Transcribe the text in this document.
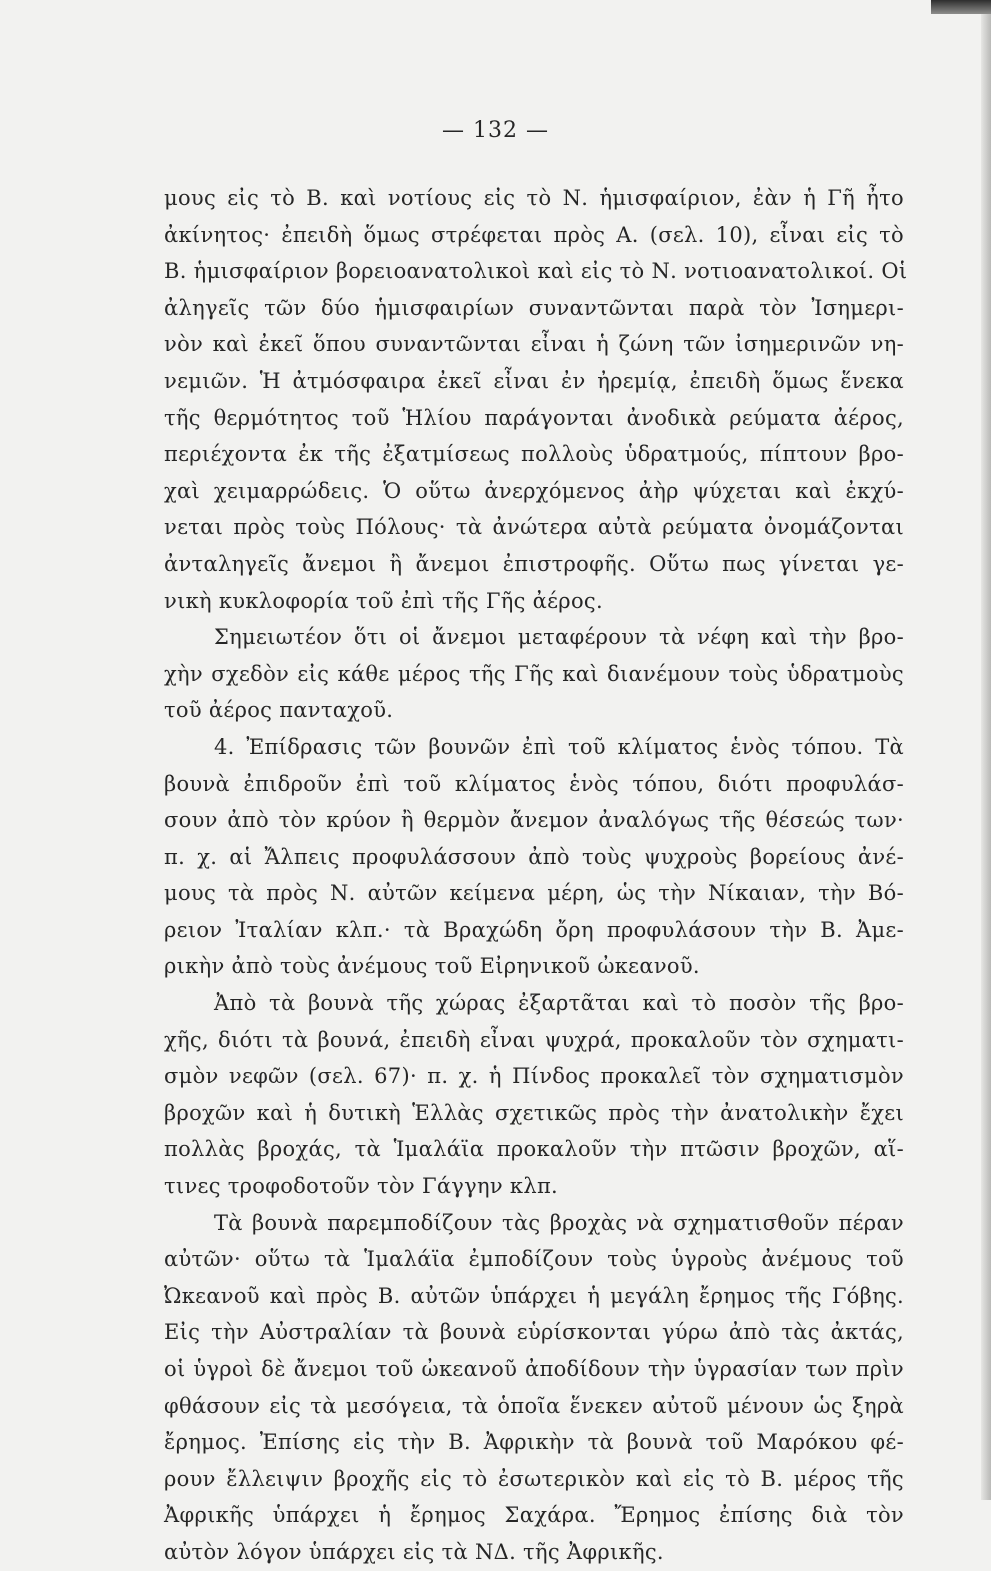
— 132 —
μους εἰς τὸ Β. καὶ νοτίους εἰς τὸ Ν. ἡμισφαίριον, ἐὰν ἡ Γῆ ἦτο
ἀκίνητος· ἐπειδὴ ὅμως στρέφεται πρὸς Α. (σελ. 10), εἶναι εἰς τὸ
Β. ἡμισφαίριον βορειοανατολικοὶ καὶ εἰς τὸ Ν. νοτιοανατολικοί. Οἱ
ἀληγεῖς τῶν δύο ἡμισφαιρίων συναντῶνται παρὰ τὸν Ἰσημερι-
νὸν καὶ ἐκεῖ ὅπου συναντῶνται εἶναι ἡ ζώνη τῶν ἰσημερινῶν νη-
νεμιῶν. Ἡ ἀτμόσφαιρα ἐκεῖ εἶναι ἐν ἠρεμίᾳ, ἐπειδὴ ὅμως ἕνεκα
τῆς θερμότητος τοῦ Ἡλίου παράγονται ἀνοδικὰ ρεύματα ἀέρος,
περιέχοντα ἐκ τῆς ἐξατμίσεως πολλοὺς ὑδρατμούς, πίπτουν βρο-
χαὶ χειμαρρώδεις. Ὁ οὕτω ἀνερχόμενος ἀὴρ ψύχεται καὶ ἐκχύ-
νεται πρὸς τοὺς Πόλους· τὰ ἀνώτερα αὐτὰ ρεύματα ὀνομάζονται
ἀνταληγεῖς ἄνεμοι ἢ ἄνεμοι ἐπιστροφῆς. Οὕτω πως γίνεται γε-
νικὴ κυκλοφορία τοῦ ἐπὶ τῆς Γῆς ἀέρος.
Σημειωτέον ὅτι οἱ ἄνεμοι μεταφέρουν τὰ νέφη καὶ τὴν βρο-
χὴν σχεδὸν εἰς κάθε μέρος τῆς Γῆς καὶ διανέμουν τοὺς ὑδρατμοὺς
τοῦ ἀέρος πανταχοῦ.
4. Ἐπίδρασις τῶν βουνῶν ἐπὶ τοῦ κλίματος ἑνὸς τόπου. Τὰ
βουνὰ ἐπιδροῦν ἐπὶ τοῦ κλίματος ἑνὸς τόπου, διότι προφυλάσ-
σουν ἀπὸ τὸν κρύον ἢ θερμὸν ἄνεμον ἀναλόγως τῆς θέσεώς των·
π. χ. αἱ Ἄλπεις προφυλάσσουν ἀπὸ τοὺς ψυχροὺς βορείους ἀνέ-
μους τὰ πρὸς Ν. αὐτῶν κείμενα μέρη, ὡς τὴν Νίκαιαν, τὴν Βό-
ρειον Ἰταλίαν κλπ.· τὰ Βραχώδη ὄρη προφυλάσουν τὴν Β. Ἀμε-
ρικὴν ἀπὸ τοὺς ἀνέμους τοῦ Εἰρηνικοῦ ὠκεανοῦ.
Ἀπὸ τὰ βουνὰ τῆς χώρας ἐξαρτᾶται καὶ τὸ ποσὸν τῆς βρο-
χῆς, διότι τὰ βουνά, ἐπειδὴ εἶναι ψυχρά, προκαλοῦν τὸν σχηματι-
σμὸν νεφῶν (σελ. 67)· π. χ. ἡ Πίνδος προκαλεῖ τὸν σχηματισμὸν
βροχῶν καὶ ἡ δυτικὴ Ἑλλὰς σχετικῶς πρὸς τὴν ἀνατολικὴν ἔχει
πολλὰς βροχάς, τὰ Ἱμαλάϊα προκαλοῦν τὴν πτῶσιν βροχῶν, αἵ-
τινες τροφοδοτοῦν τὸν Γάγγην κλπ.
Τὰ βουνὰ παρεμποδίζουν τὰς βροχὰς νὰ σχηματισθοῦν πέραν
αὐτῶν· οὕτω τὰ Ἱμαλάϊα ἐμποδίζουν τοὺς ὑγροὺς ἀνέμους τοῦ
Ὠκεανοῦ καὶ πρὸς Β. αὐτῶν ὑπάρχει ἡ μεγάλη ἔρημος τῆς Γόβης.
Εἰς τὴν Αὐστραλίαν τὰ βουνὰ εὑρίσκονται γύρω ἀπὸ τὰς ἀκτάς,
οἱ ὑγροὶ δὲ ἄνεμοι τοῦ ὠκεανοῦ ἀποδίδουν τὴν ὑγρασίαν των πρὶν
φθάσουν εἰς τὰ μεσόγεια, τὰ ὁποῖα ἕνεκεν αὐτοῦ μένουν ὡς ξηρὰ
ἔρημος. Ἐπίσης εἰς τὴν Β. Ἀφρικὴν τὰ βουνὰ τοῦ Μαρόκου φέ-
ρουν ἔλλειψιν βροχῆς εἰς τὸ ἐσωτερικὸν καὶ εἰς τὸ Β. μέρος τῆς
Ἀφρικῆς ὑπάρχει ἡ ἔρημος Σαχάρα. Ἔρημος ἐπίσης διὰ τὸν
αὐτὸν λόγον ὑπάρχει εἰς τὰ ΝΔ. τῆς Ἀφρικῆς.
